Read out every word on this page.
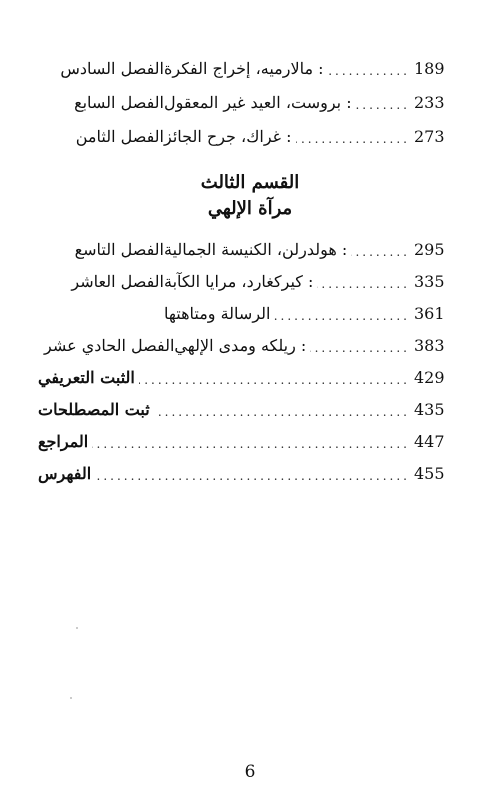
الفصل السادس : مالارميه، إخراج الفكرة .....	189
الفصل السابع : بروست، العيد غير المعقول .....	233
الفصل الثامن : غراك، جرح الجائز .....	273
القسم الثالث
مرآة الإلهي
الفصل التاسع : هولدرلن، الكنيسة الجمالية .....	295
الفصل العاشر : كيركغارد، مرايا الكآبة .....	335
الرسالة ومتاهتها .....	361
الفصل الحادي عشر : ريلكه ومدى الإلهي .....	383
الثبت التعريفي .....	429
ثبت المصطلحات .....	435
المراجع .....	447
الفهرس .....	455
6
